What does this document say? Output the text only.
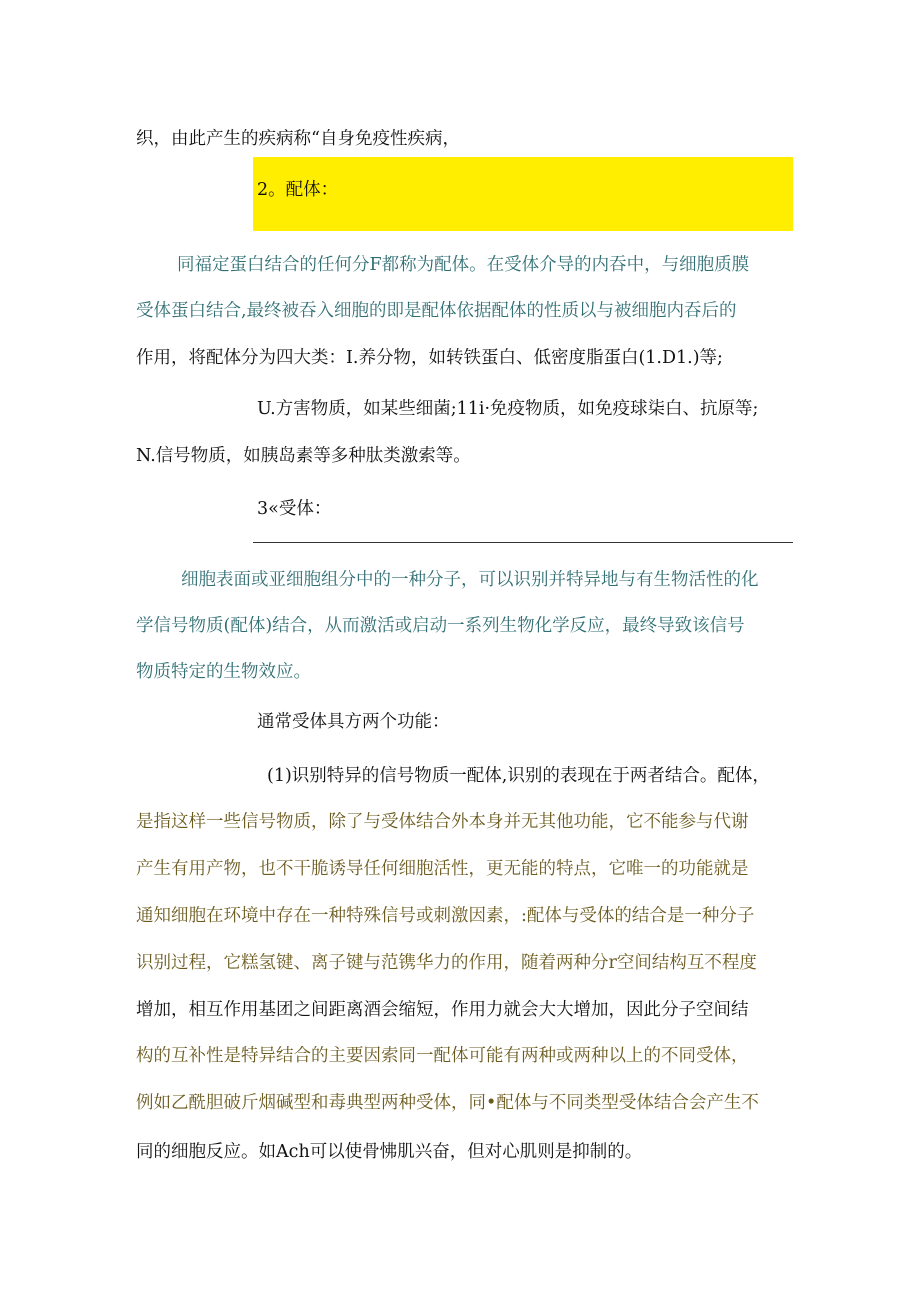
织，由此产生的疾病称“自身免疫性疾病，
2。配体：
同福定蛋白结合的任何分F都称为配体。在受体介导的内吞中，与细胞质膜
受体蛋白结合,最终被吞入细胞的即是配体依据配体的性质以与被细胞内吞后的
作用，将配体分为四大类：I.养分物，如转铁蛋白、低密度脂蛋白(1.D1.)等;
U.方害物质，如某些细菌;11i·免疫物质，如免疫球柒白、抗原等;
N.信号物质，如胰岛素等多种肽类激索等。
3«受体：
细胞表面或亚细胞组分中的一种分子，可以识别并特异地与有生物活性的化
学信号物质(配体)结合，从而激活或启动一系列生物化学反应，最终导致该信号
物质特定的生物效应。
通常受体具方两个功能：
(1)识别特异的信号物质一配体,识别的表现在于两者结合。配体，
是指这样一些信号物质，除了与受体结合外本身并无其他功能，它不能参与代谢
产生有用产物，也不干脆诱导任何细胞活性，更无能的特点，它唯一的功能就是
通知细胞在环境中存在一种特殊信号或刺激因素，:配体与受体的结合是一种分子
识别过程，它糕氢键、离子键与范镌华力的作用，随着两种分r空间结构互不程度
增加，相互作用基团之间距离酒会缩短，作用力就会大大增加，因此分子空间结
构的互补性是特异结合的主要因索同一配体可能有两种或两种以上的不同受体，
例如乙酰胆破斤烟碱型和毒典型两种受体，同•配体与不同类型受体结合会产生不
同的细胞反应。如Ach可以使骨怫肌兴奋，但对心肌则是抑制的。
